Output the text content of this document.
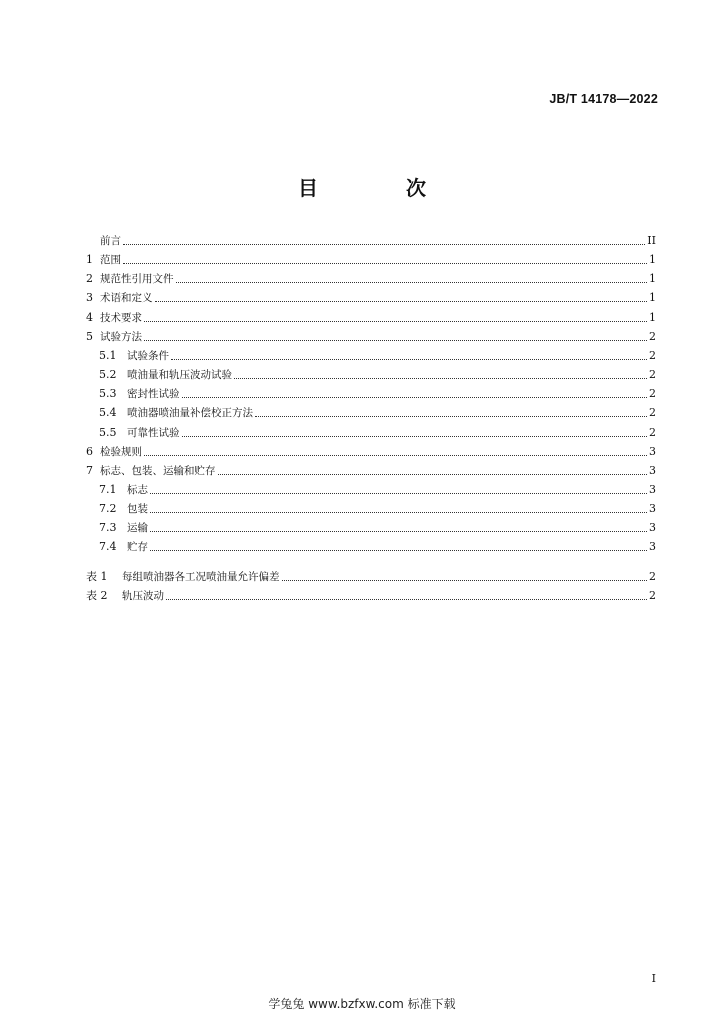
JB/T 14178—2022
目　次
前言	II
1 范围	1
2 规范性引用文件	1
3 术语和定义	1
4 技术要求	1
5 试验方法	2
5.1	试验条件	2
5.2	喷油量和轨压波动试验	2
5.3	密封性试验	2
5.4	喷油器喷油量补偿校正方法	2
5.5	可靠性试验	2
6 检验规则	3
7 标志、包装、运输和贮存	3
7.1	标志	3
7.2	包装	3
7.3	运输	3
7.4	贮存	3
表 1	每组喷油器各工况喷油量允许偏差	2
表 2	轨压波动	2
I
学兔兔 www.bzfxw.com 标准下载
